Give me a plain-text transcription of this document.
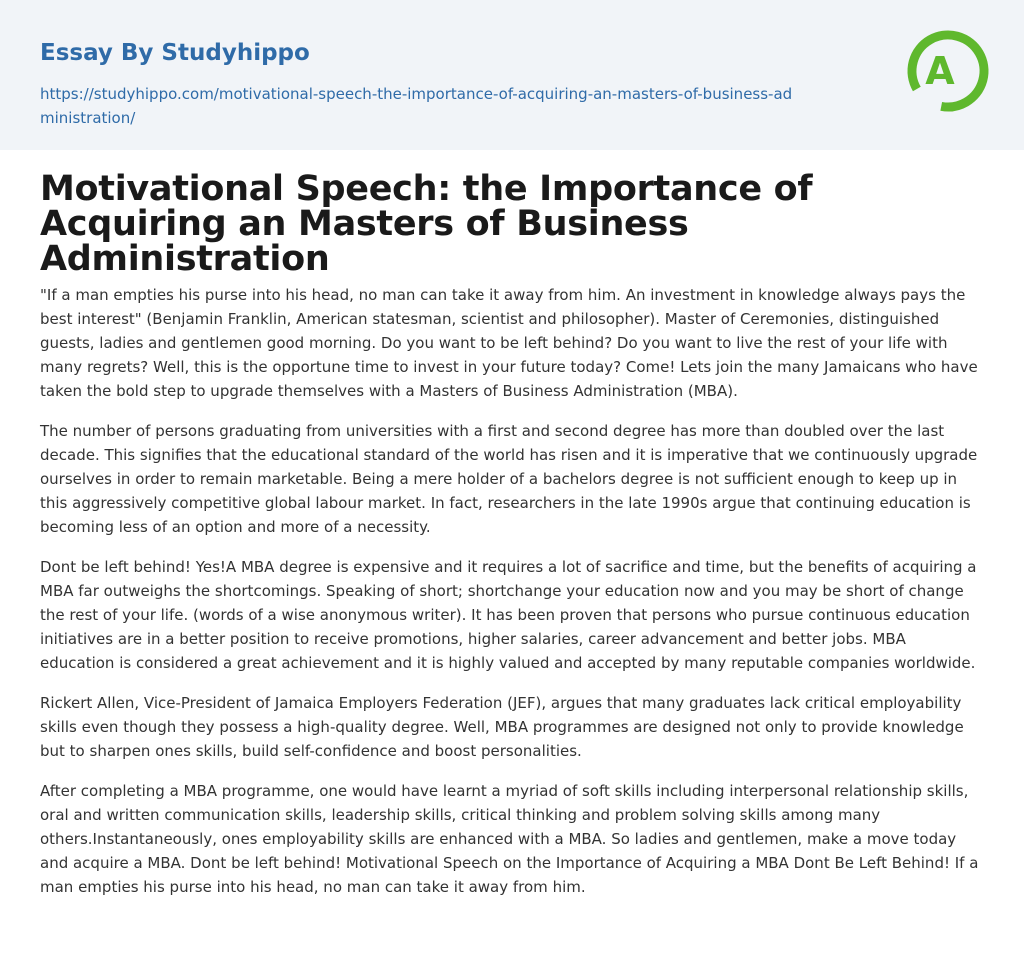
Essay By Studyhippo
https://studyhippo.com/motivational-speech-the-importance-of-acquiring-an-masters-of-business-administration/
A
Motivational Speech: the Importance of Acquiring an Masters of Business Administration

"If a man empties his purse into his head, no man can take it away from him. An investment in knowledge always pays the best interest" (Benjamin Franklin, American statesman, scientist and philosopher). Master of Ceremonies, distinguished guests, ladies and gentlemen good morning. Do you want to be left behind? Do you want to live the rest of your life with many regrets? Well, this is the opportune time to invest in your future today? Come! Lets join the many Jamaicans who have taken the bold step to upgrade themselves with a Masters of Business Administration (MBA).

The number of persons graduating from universities with a first and second degree has more than doubled over the last decade. This signifies that the educational standard of the world has risen and it is imperative that we continuously upgrade ourselves in order to remain marketable. Being a mere holder of a bachelors degree is not sufficient enough to keep up in this aggressively competitive global labour market. In fact, researchers in the late 1990s argue that continuing education is becoming less of an option and more of a necessity.

Dont be left behind! Yes!A MBA degree is expensive and it requires a lot of sacrifice and time, but the benefits of acquiring a MBA far outweighs the shortcomings. Speaking of short; shortchange your education now and you may be short of change the rest of your life. (words of a wise anonymous writer). It has been proven that persons who pursue continuous education initiatives are in a better position to receive promotions, higher salaries, career advancement and better jobs. MBA education is considered a great achievement and it is highly valued and accepted by many reputable companies worldwide.

Rickert Allen, Vice-President of Jamaica Employers Federation (JEF), argues that many graduates lack critical employability skills even though they possess a high-quality degree. Well, MBA programmes are designed not only to provide knowledge but to sharpen ones skills, build self-confidence and boost personalities.

After completing a MBA programme, one would have learnt a myriad of soft skills including interpersonal relationship skills, oral and written communication skills, leadership skills, critical thinking and problem solving skills among many others.Instantaneously, ones employability skills are enhanced with a MBA. So ladies and gentlemen, make a move today and acquire a MBA. Dont be left behind! Motivational Speech on the Importance of Acquiring a MBA Dont Be Left Behind! If a man empties his purse into his head, no man can take it away from him.
